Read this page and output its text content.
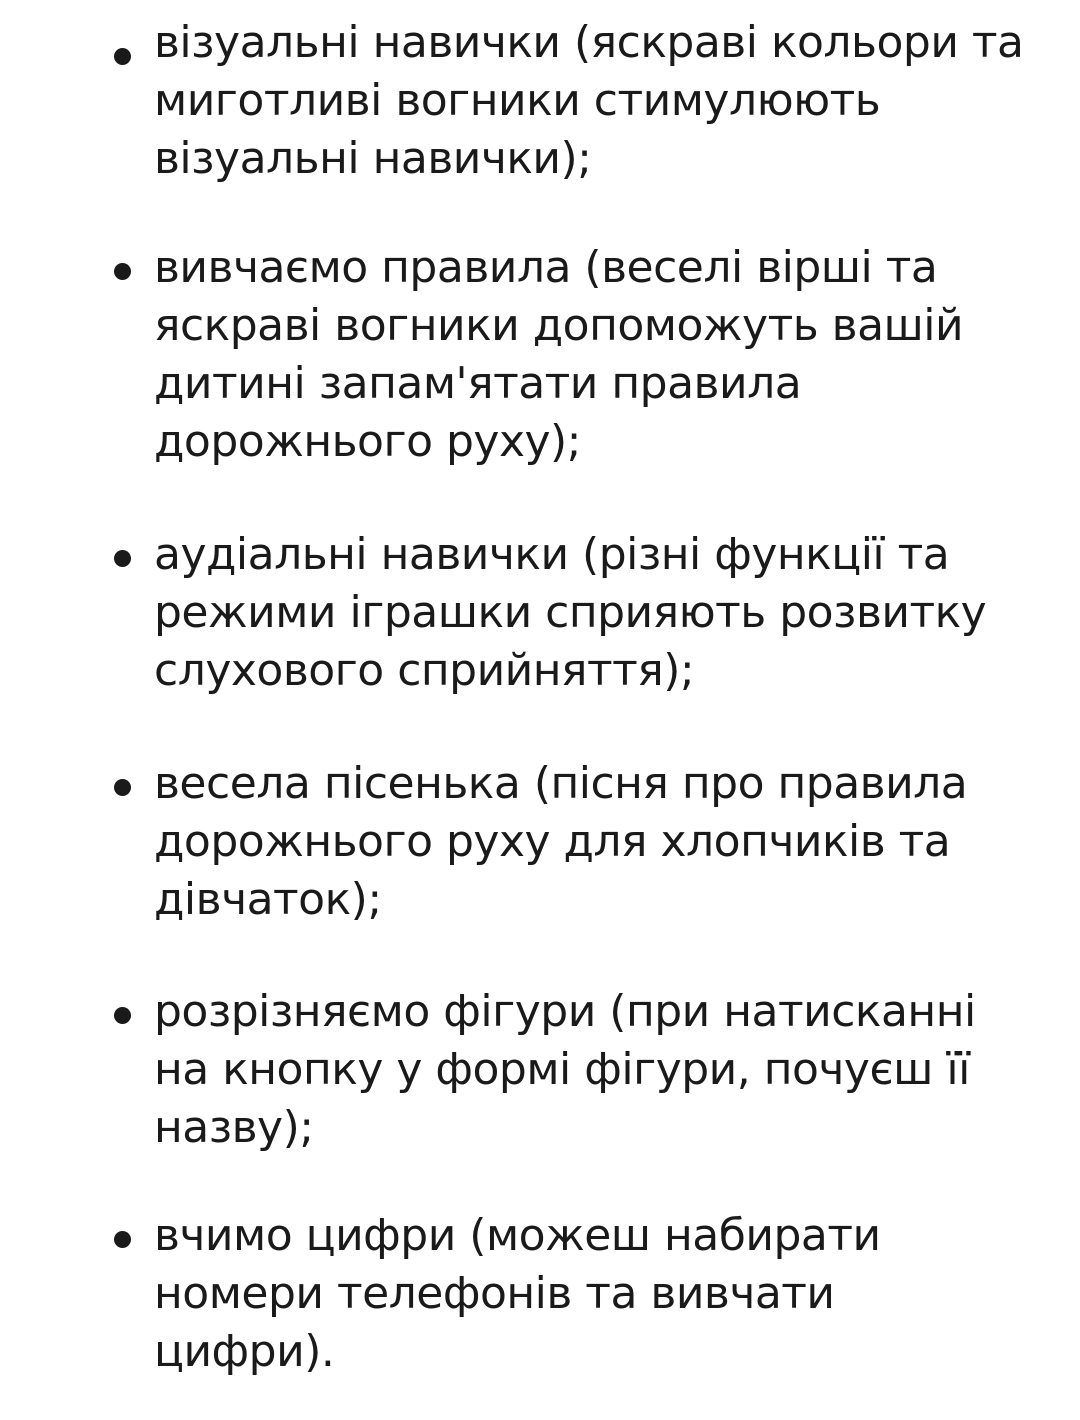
візуальні навички (яскраві кольори та
миготливі вогники стимулюють
візуальні навички);

вивчаємо правила (веселі вірші та
яскраві вогники допоможуть вашій
дитині запам'ятати правила
дорожнього руху);

аудіальні навички (різні функції та
режими іграшки сприяють розвитку
слухового сприйняття);

весела пісенька (пісня про правила
дорожнього руху для хлопчиків та
дівчаток);

розрізняємо фігури (при натисканні
на кнопку у формі фігури, почуєш її
назву);

вчимо цифри (можеш набирати
номери телефонів та вивчати
цифри).
